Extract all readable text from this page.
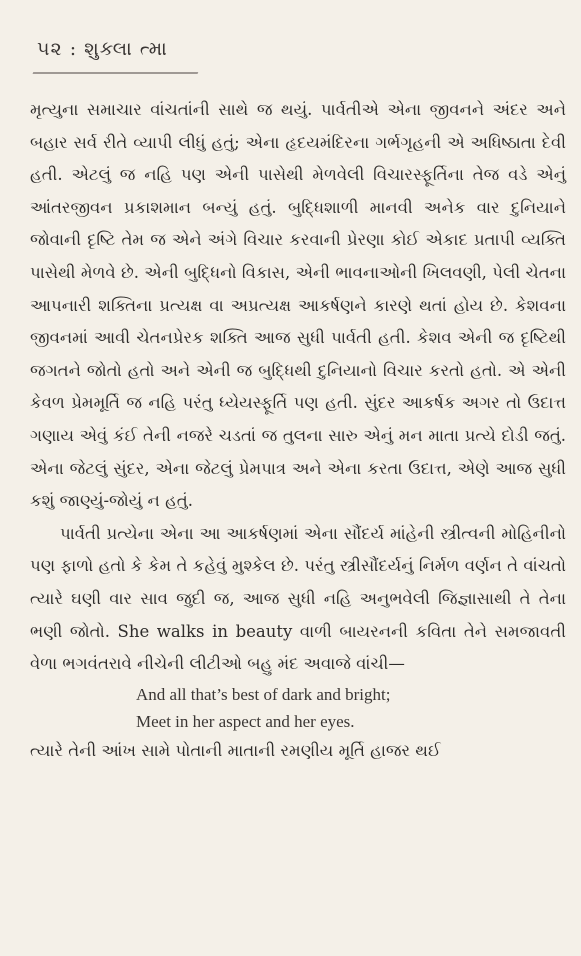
૫૨ : શુક્લા ત્મા

મૃત્યુના સમાચાર વાંચતાંની સાથે જ થયું. પાર્વતીએ એના જીવનને અંદર અને બહાર સર્વ રીતે વ્યાપી લીધું હતું; એના હૃદયમંદિરના ગર્ભગૃહની એ અધિષ્ઠાતા દેવી હતી. એટલું જ નહિ પણ એની પાસેથી મેળવેલી વિચારસ્ફૂર્તિના તેજ વડે એનું આંતરજીવન પ્રકાશમાન બન્યું હતું. બુદ્ધિશાળી માનવી અનેક વાર દુનિયાને જોવાની દૃષ્ટિ તેમ જ એને અંગે વિચાર કરવાની પ્રેરણા કોઈ એકાદ પ્રતાપી વ્યક્તિ પાસેથી મેળવે છે. એની બુદ્ધિનો વિકાસ, એની ભાવનાઓની ખિલવણી, પેલી ચેતના આપનારી શક્તિના પ્રત્યક્ષ વા અપ્રત્યક્ષ આકર્ષણને કારણે થતાં હોય છે. કેશવના જીવનમાં આવી ચેતનપ્રેરક શક્તિ આજ સુધી પાર્વતી હતી. કેશવ એની જ દૃષ્ટિથી જગતને જોતો હતો અને એની જ બુદ્ધિથી દુનિયાનો વિચાર કરતો હતો. એ એની કેવળ પ્રેમમૂર્તિ જ નહિ પરંતુ ધ્યેયસ્ફૂર્તિ પણ હતી. સુંદર આકર્ષક અગર તો ઉદાત્ત ગણાય એવું કંઈ તેની નજરે ચડતાં જ તુલના સારુ એનું મન માતા પ્રત્યે દોડી જતું. એના જેટલું સુંદર, એના જેટલું પ્રેમપાત્ર અને એના કરતા ઉદાત્ત, એણે આજ સુધી કશું જાણ્યું-જોયું ન હતું.

પાર્વતી પ્રત્યેના એના આ આકર્ષણમાં એના સૌંદર્ય માંહેની સ્ત્રીત્વની મોહિનીનો પણ ફાળો હતો કે કેમ તે કહેવું મુશ્કેલ છે. પરંતુ સ્ત્રીસૌંદર્યનું નિર્મળ વર્ણન તે વાંચતો ત્યારે ઘણી વાર સાવ જુદી જ, આજ સુધી નહિ અનુભવેલી જિજ્ઞાસાથી તે તેના ભણી જોતો. She walks in beauty વાળી બાયરનની કવિતા તેને સમજાવતી વેળા ભગવંતરાવે નીચેની લીટીઓ બહુ મંદ અવાજે વાંચી—

And all that’s best of dark and bright;
Meet in her aspect and her eyes.

ત્યારે તેની આંખ સામે પોતાની માતાની રમણીય મૂર્તિ હાજર થઈ
